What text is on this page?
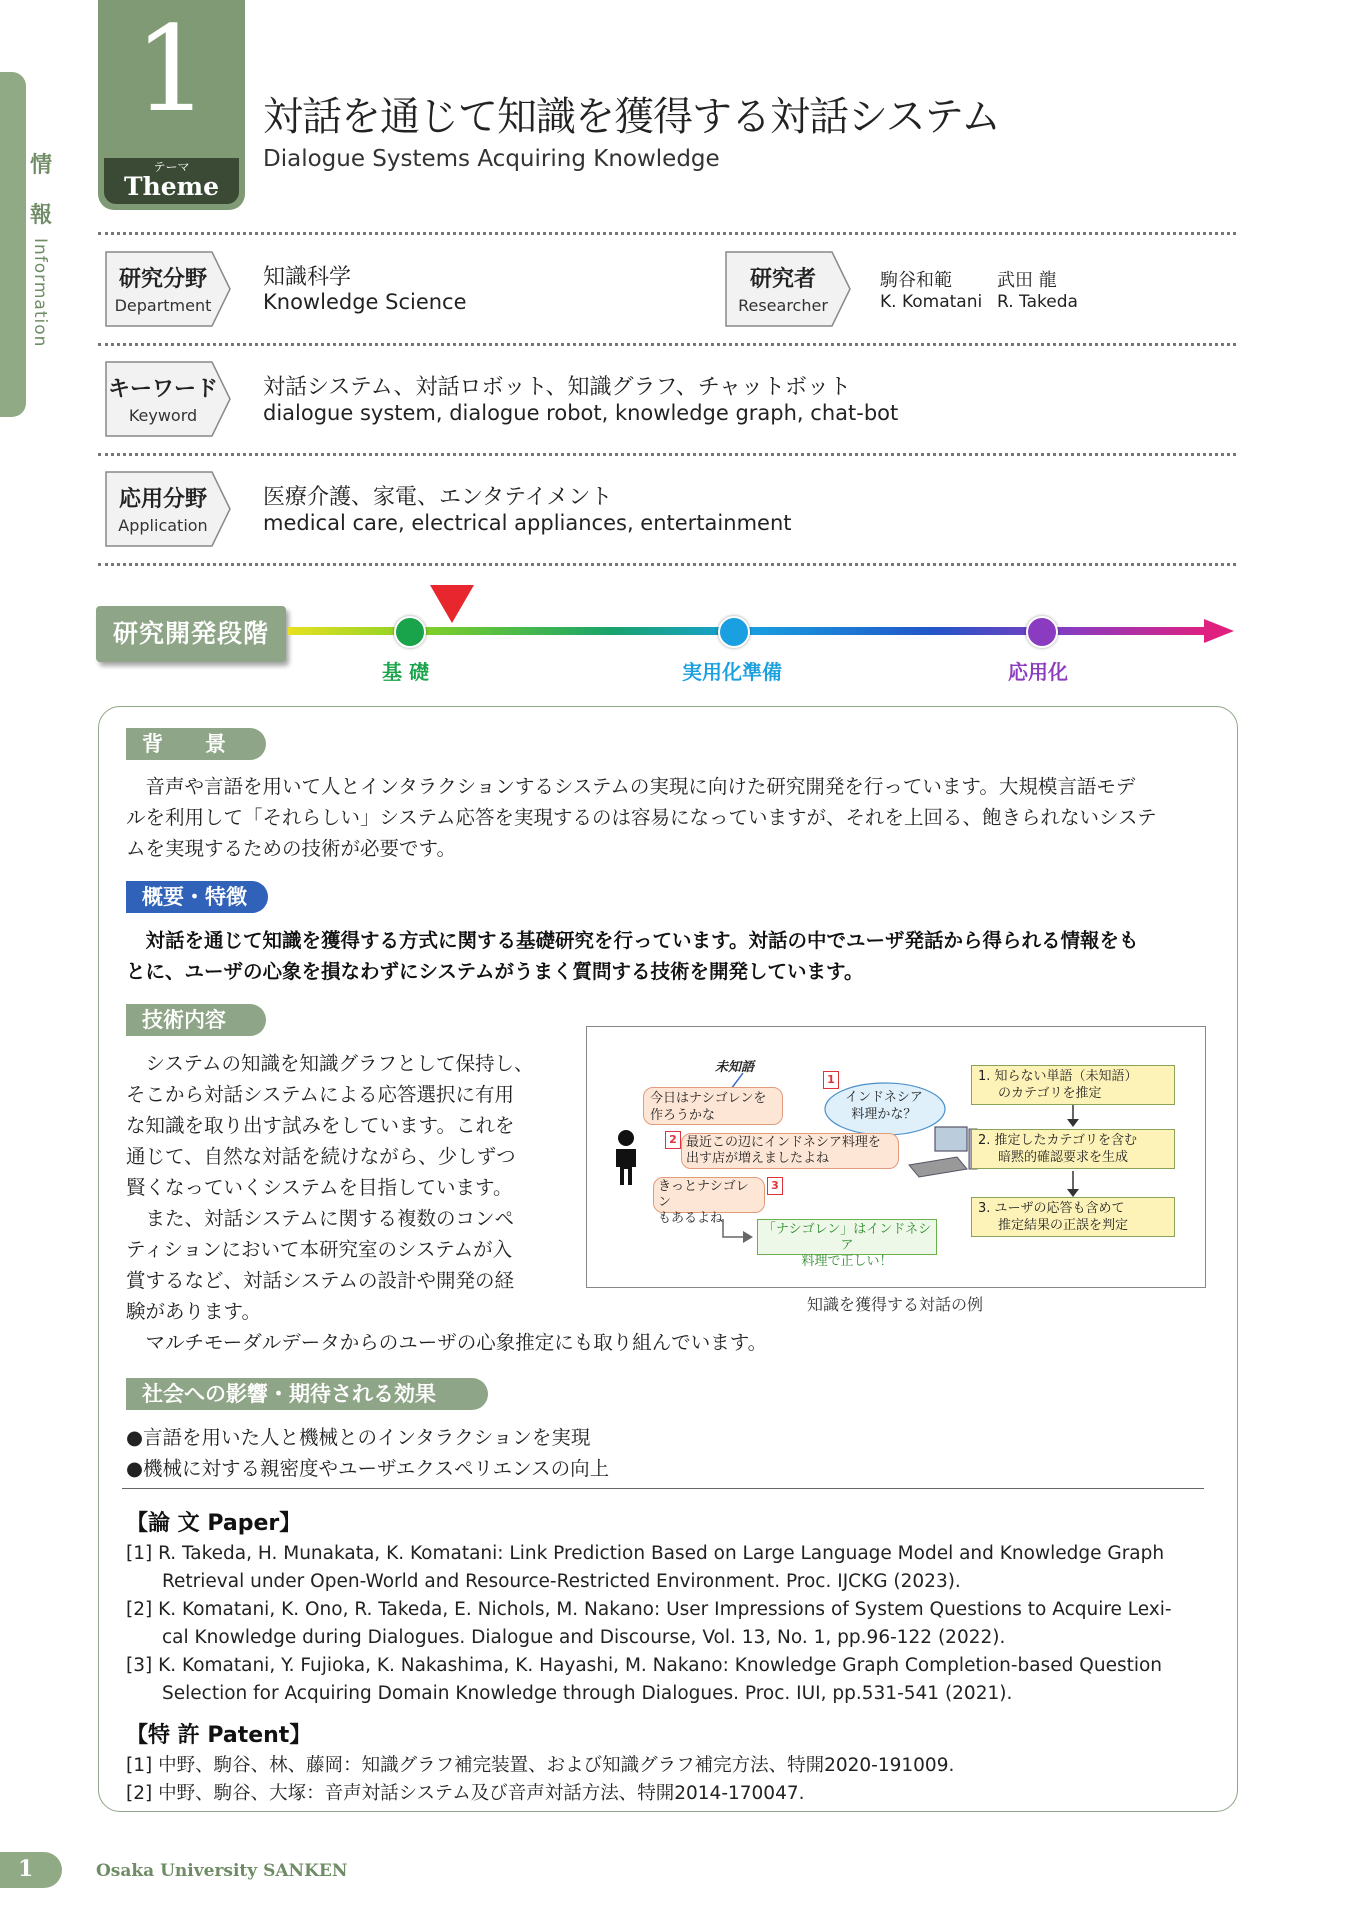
情
報
Information
1
テーマ
Theme
対話を通じて知識を獲得する対話システム
Dialogue Systems Acquiring Knowledge
研究分野
Department
知識科学
Knowledge Science
研究者
Researcher
駒谷和範
K. Komatani
武田 龍
R. Takeda
キーワード
Keyword
対話システム、対話ロボット、知識グラフ、チャットボット
dialogue system, dialogue robot, knowledge graph, chat-bot
応用分野
Application
医療介護、家電、エンタテイメント
medical care, electrical appliances, entertainment
研究開発段階
基 礎	実用化準備	応用化
背　　景
　音声や言語を用いて人とインタラクションするシステムの実現に向けた研究開発を行っています。大規模言語モデ
ルを利用して「それらしい」システム応答を実現するのは容易になっていますが、それを上回る、飽きられないシステ
ムを実現するための技術が必要です。
概要・特徴
　対話を通じて知識を獲得する方式に関する基礎研究を行っています。対話の中でユーザ発話から得られる情報をも
とに、ユーザの心象を損なわずにシステムがうまく質問する技術を開発しています。
技術内容
　システムの知識を知識グラフとして保持し、
そこから対話システムによる応答選択に有用
な知識を取り出す試みをしています。これを
通じて、自然な対話を続けながら、少しずつ
賢くなっていくシステムを目指しています。
　また、対話システムに関する複数のコンペ
ティションにおいて本研究室のシステムが入
賞するなど、対話システムの設計や開発の経
験があります。
　マルチモーダルデータからのユーザの心象推定にも取り組んでいます。
未知語
今日はナシゴレンを
作ろうかな
1
インドネシア
料理かな？
2 最近この辺にインドネシア料理を
出す店が増えましたよね
きっとナシゴレン
もあるよね
3
「ナシゴレン」はインドネシア
料理で正しい！
1. 知らない単語（未知語）
のカテゴリを推定
2. 推定したカテゴリを含む
暗黙的確認要求を生成
3. ユーザの応答も含めて
推定結果の正誤を判定
知識を獲得する対話の例
社会への影響・期待される効果
●言語を用いた人と機械とのインタラクションを実現
●機械に対する親密度やユーザエクスペリエンスの向上
【論 文 Paper】
[1] R. Takeda, H. Munakata, K. Komatani: Link Prediction Based on Large Language Model and Knowledge Graph
Retrieval under Open-World and Resource-Restricted Environment. Proc. IJCKG (2023).
[2] K. Komatani, K. Ono, R. Takeda, E. Nichols, M. Nakano: User Impressions of System Questions to Acquire Lexi-
cal Knowledge during Dialogues. Dialogue and Discourse, Vol. 13, No. 1, pp.96-122 (2022).
[3] K. Komatani, Y. Fujioka, K. Nakashima, K. Hayashi, M. Nakano: Knowledge Graph Completion-based Question
Selection for Acquiring Domain Knowledge through Dialogues. Proc. IUI, pp.531-541 (2021).
【特 許 Patent】
[1] 中野、駒谷、林、藤岡：知識グラフ補完装置、および知識グラフ補完方法、特開2020-191009.
[2] 中野、駒谷、大塚：音声対話システム及び音声対話方法、特開2014-170047.
1	Osaka University SANKEN
